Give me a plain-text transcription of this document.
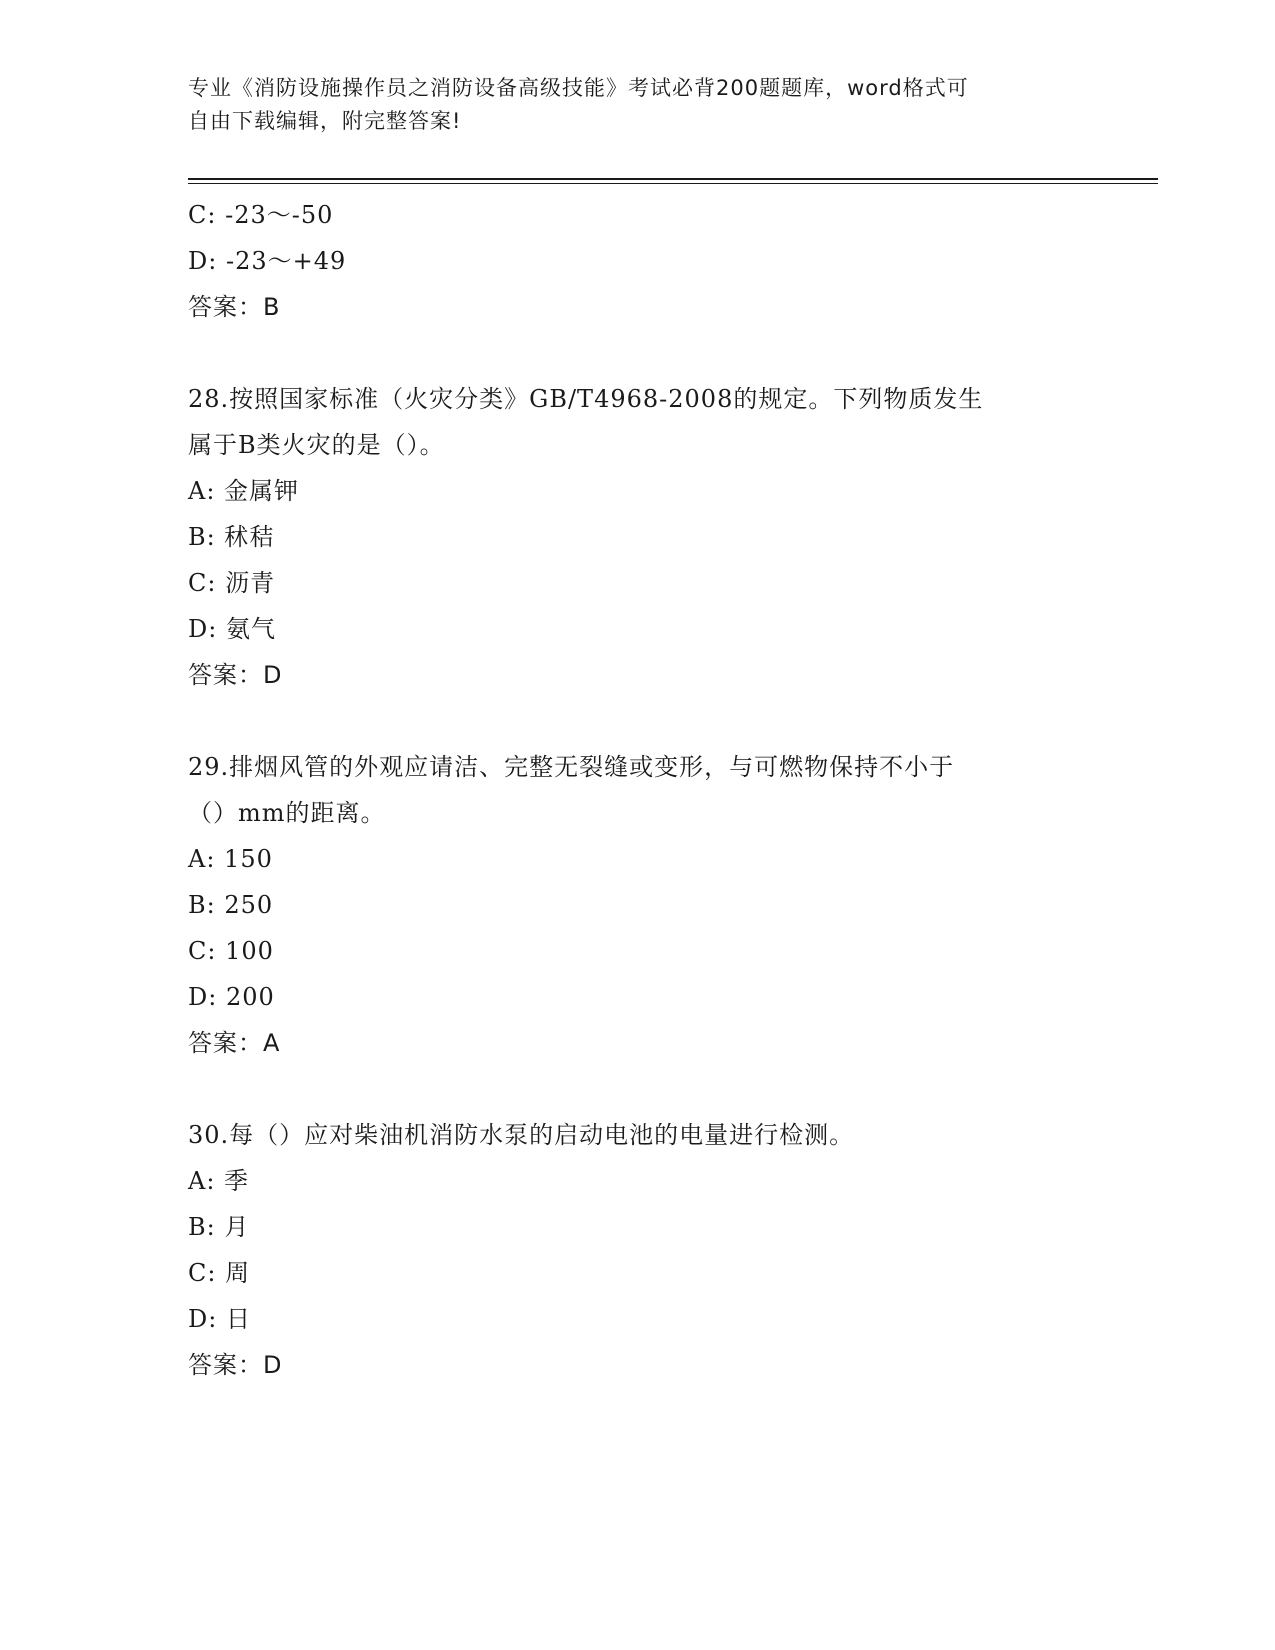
专业《消防设施操作员之消防设备高级技能》考试必背200题题库，word格式可
自由下载编辑，附完整答案!
C: -23～-50
D: -23～+49
答案：B
28.按照国家标准（火灾分类》GB/T4968-2008的规定。下列物质发生
属于B类火灾的是（）。
A: 金属钾
B: 秫秸
C: 沥青
D: 氨气
答案：D
29.排烟风管的外观应请洁、完整无裂缝或变形，与可燃物保持不小于
（）mm的距离。
A: 150
B: 250
C: 100
D: 200
答案：A
30.每（）应对柴油机消防水泵的启动电池的电量进行检测。
A: 季
B: 月
C: 周
D: 日
答案：D
